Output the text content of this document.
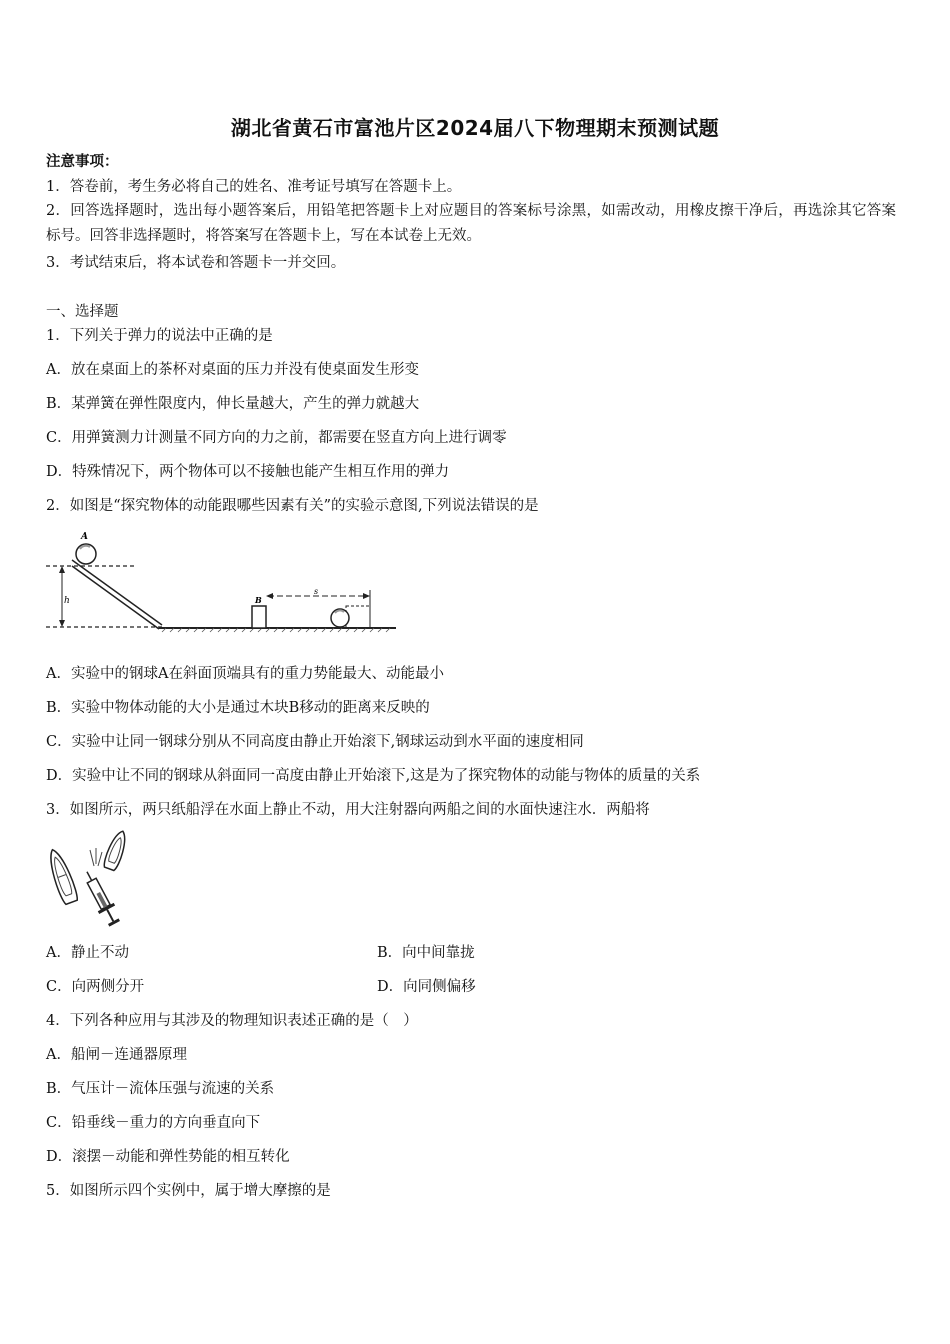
湖北省黄石市富池片区2024届八下物理期末预测试题
注意事项：
1．答卷前，考生务必将自己的姓名、准考证号填写在答题卡上。
2．回答选择题时，选出每小题答案后，用铅笔把答题卡上对应题目的答案标号涂黑，如需改动，用橡皮擦干净后，再选涂其它答案标号。回答非选择题时，将答案写在答题卡上，写在本试卷上无效。
3．考试结束后，将本试卷和答题卡一并交回。
一、选择题
1．下列关于弹力的说法中正确的是
A．放在桌面上的茶杯对桌面的压力并没有使桌面发生形变
B．某弹簧在弹性限度内，伸长量越大，产生的弹力就越大
C．用弹簧测力计测量不同方向的力之前，都需要在竖直方向上进行调零
D．特殊情况下，两个物体可以不接触也能产生相互作用的弹力
2．如图是“探究物体的动能跟哪些因素有关”的实验示意图,下列说法错误的是
h
A
B
s
A．实验中的钢球A在斜面顶端具有的重力势能最大、动能最小
B．实验中物体动能的大小是通过木块B移动的距离来反映的
C．实验中让同一钢球分别从不同高度由静止开始滚下,钢球运动到水平面的速度相同
D．实验中让不同的钢球从斜面同一高度由静止开始滚下,这是为了探究物体的动能与物体的质量的关系
3．如图所示，两只纸船浮在水面上静止不动，用大注射器向两船之间的水面快速注水．两船将
A．静止不动	B．向中间靠拢
C．向两侧分开	D．向同侧偏移
4．下列各种应用与其涉及的物理知识表述正确的是（　）
A．船闸－连通器原理
B．气压计－流体压强与流速的关系
C．铅垂线－重力的方向垂直向下
D．滚摆－动能和弹性势能的相互转化
5．如图所示四个实例中，属于增大摩擦的是
